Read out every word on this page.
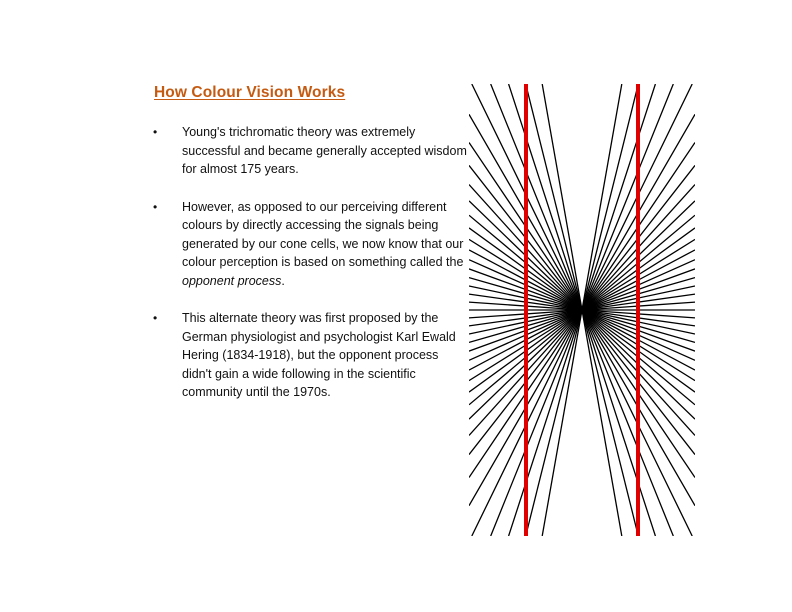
How Colour Vision Works
• Young's trichromatic theory was extremely successful and became generally accepted wisdom for almost 175 years.
• However, as opposed to our perceiving different colours by directly accessing the signals being generated by our cone cells, we now know that our colour perception is based on something called the opponent process.
• This alternate theory was first proposed by the German physiologist and psychologist Karl Ewald Hering (1834-1918), but the opponent process didn't gain a wide following in the scientific community until the 1970s.
